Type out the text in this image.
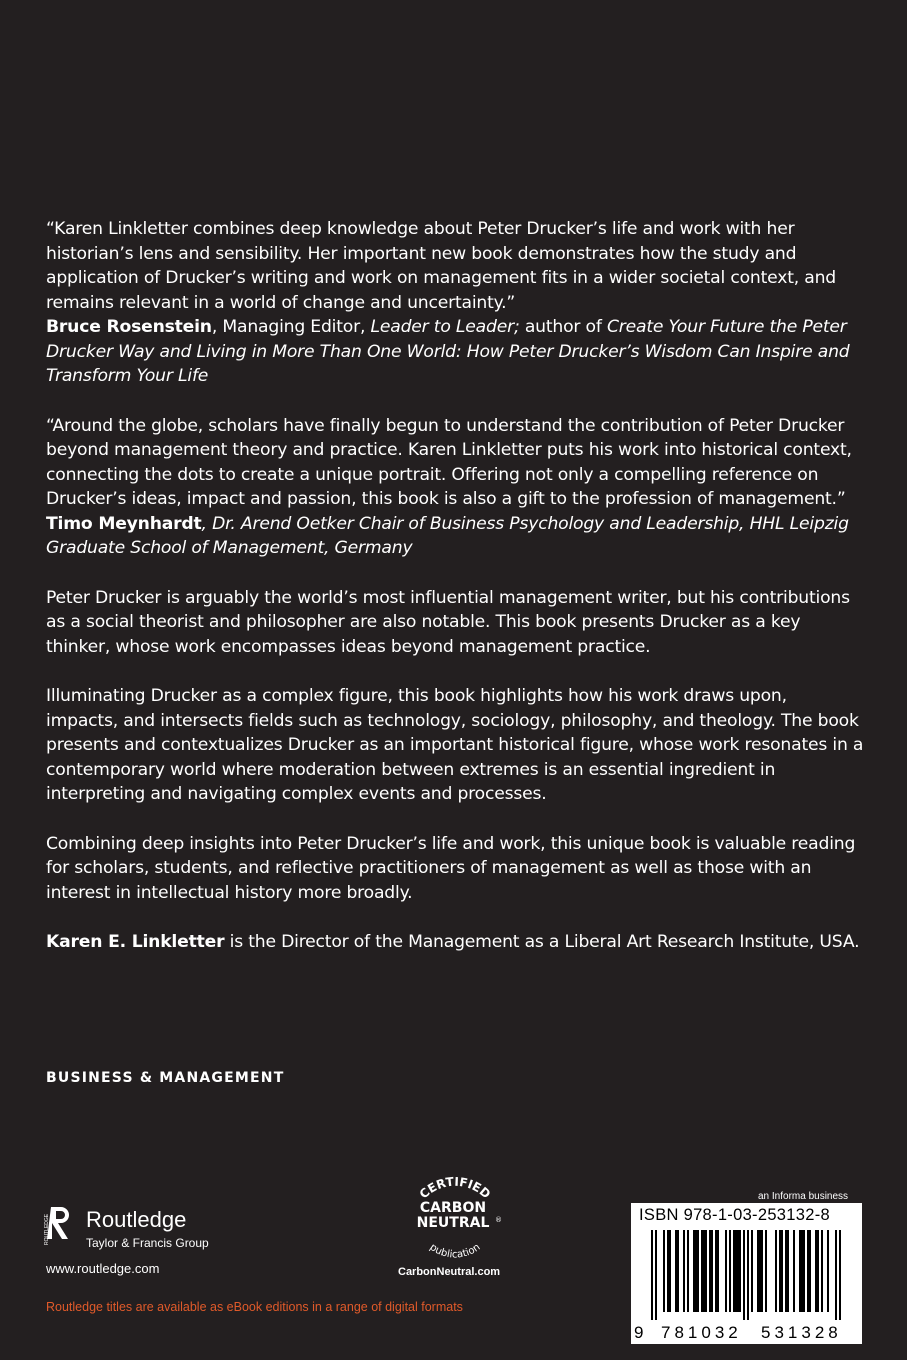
“Karen Linkletter combines deep knowledge about Peter Drucker’s life and work with her historian’s lens and sensibility. Her important new book demonstrates how the study and application of Drucker’s writing and work on management fits in a wider societal context, and remains relevant in a world of change and uncertainty.”

Bruce Rosenstein, Managing Editor, Leader to Leader; author of Create Your Future the Peter Drucker Way and Living in More Than One World: How Peter Drucker’s Wisdom Can Inspire and Transform Your Life

“Around the globe, scholars have finally begun to understand the contribution of Peter Drucker beyond management theory and practice. Karen Linkletter puts his work into historical context, connecting the dots to create a unique portrait. Offering not only a compelling reference on Drucker’s ideas, impact and passion, this book is also a gift to the profession of management.”

Timo Meynhardt, Dr. Arend Oetker Chair of Business Psychology and Leadership, HHL Leipzig Graduate School of Management, Germany

Peter Drucker is arguably the world’s most influential management writer, but his contributions as a social theorist and philosopher are also notable. This book presents Drucker as a key thinker, whose work encompasses ideas beyond management practice.

Illuminating Drucker as a complex figure, this book highlights how his work draws upon, impacts, and intersects fields such as technology, sociology, philosophy, and theology. The book presents and contextualizes Drucker as an important historical figure, whose work resonates in a contemporary world where moderation between extremes is an essential ingredient in interpreting and navigating complex events and processes.

Combining deep insights into Peter Drucker’s life and work, this unique book is valuable reading for scholars, students, and reflective practitioners of management as well as those with an interest in intellectual history more broadly.

Karen E. Linkletter is the Director of the Management as a Liberal Art Research Institute, USA.

BUSINESS & MANAGEMENT
ROUTLEDGE Routledge
Taylor & Francis Group
www.routledge.com
Routledge titles are available as eBook editions in a range of digital formats
CERTIFIED
CARBON
NEUTRAL ®
publication
CarbonNeutral.com
an Informa business
ISBN 978-1-03-253132-8
9 781032 531328
